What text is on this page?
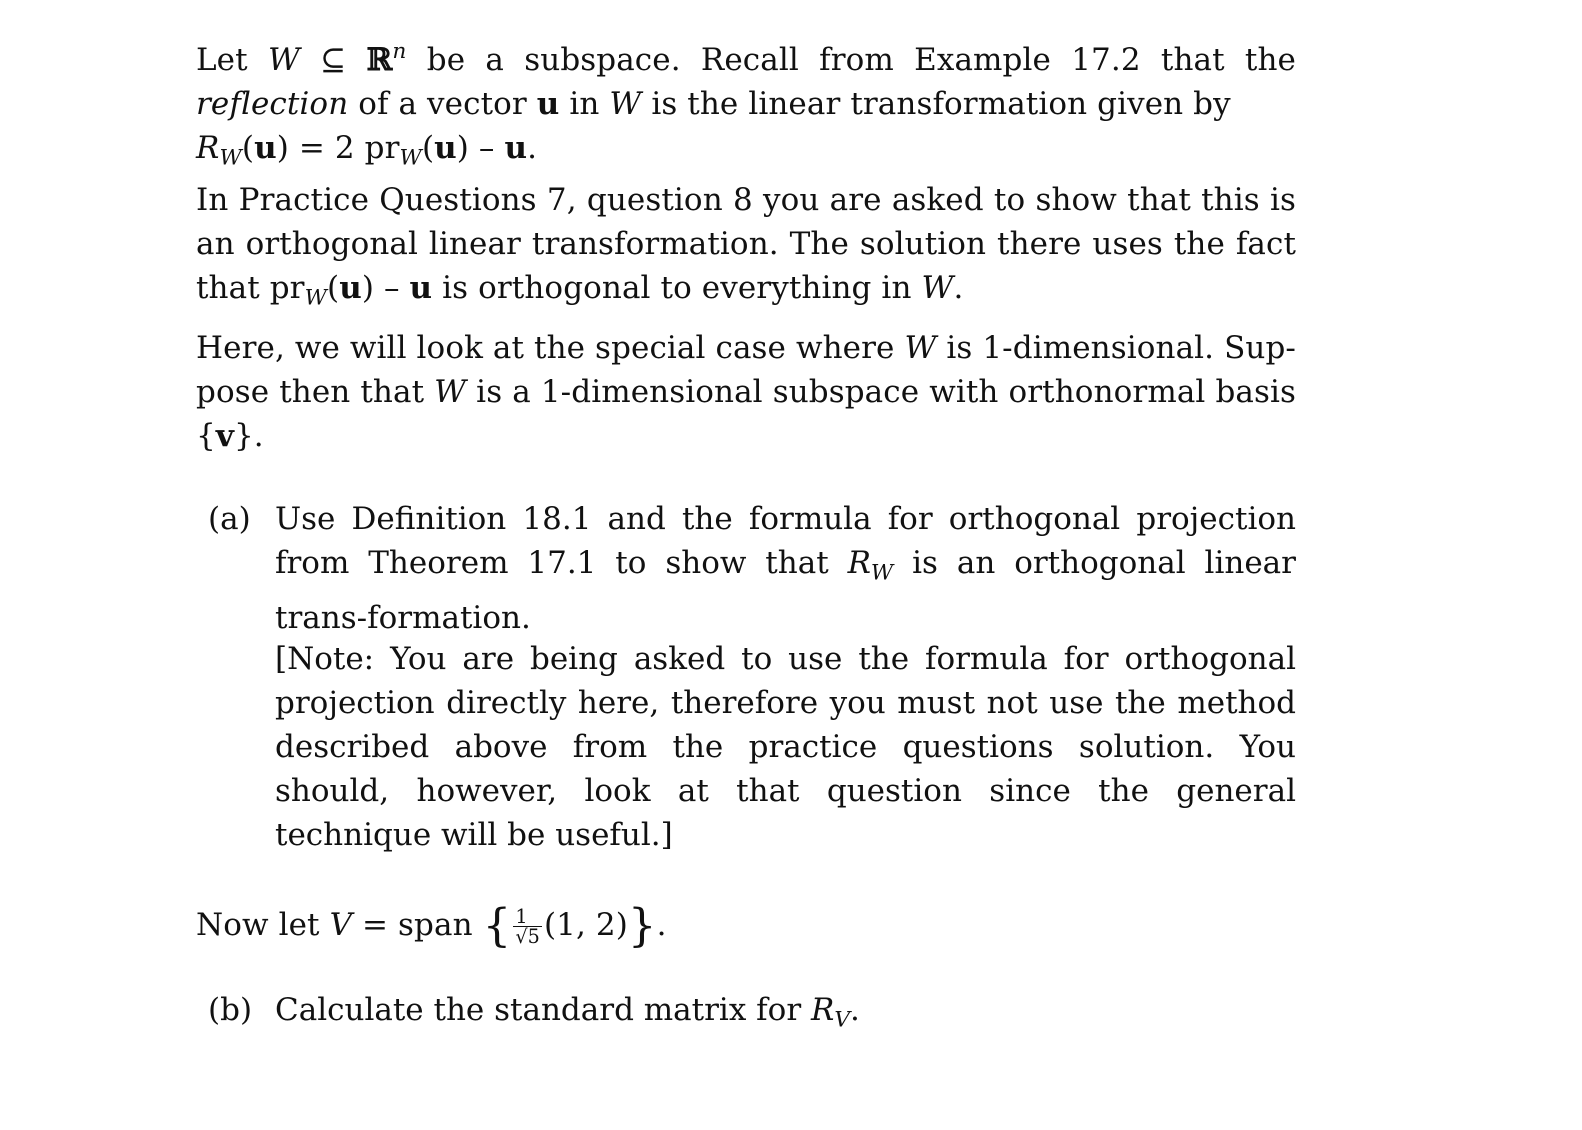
Let W ⊆ ℝ$^n$ be a subspace. Recall from Example 17.2 that the reflection of a vector u in W is the linear transformation given by
$R_W(u) = 2$ $pr_W(u)$ – u.

In Practice Questions 7, question 8 you are asked to show that this is an orthogonal linear transformation. The solution there uses the fact that $pr_W(u)$ – u is orthogonal to everything in W.

Here, we will look at the special case where W is 1-dimensional. Sup-pose then that W is a 1-dimensional subspace with orthonormal basis {v}.

(a) Use Definition 18.1 and the formula for orthogonal projection from Theorem 17.1 to show that $R_W$ is an orthogonal linear trans-formation.

[Note: You are being asked to use the formula for orthogonal projection directly here, therefore you must not use the method described above from the practice questions solution. You should, however, look at that question since the general technique will be useful.]

Now let V = span { $\frac{1}{√5} (1$, 2)}.

(b) Calculate the standard matrix for $R_V$.
